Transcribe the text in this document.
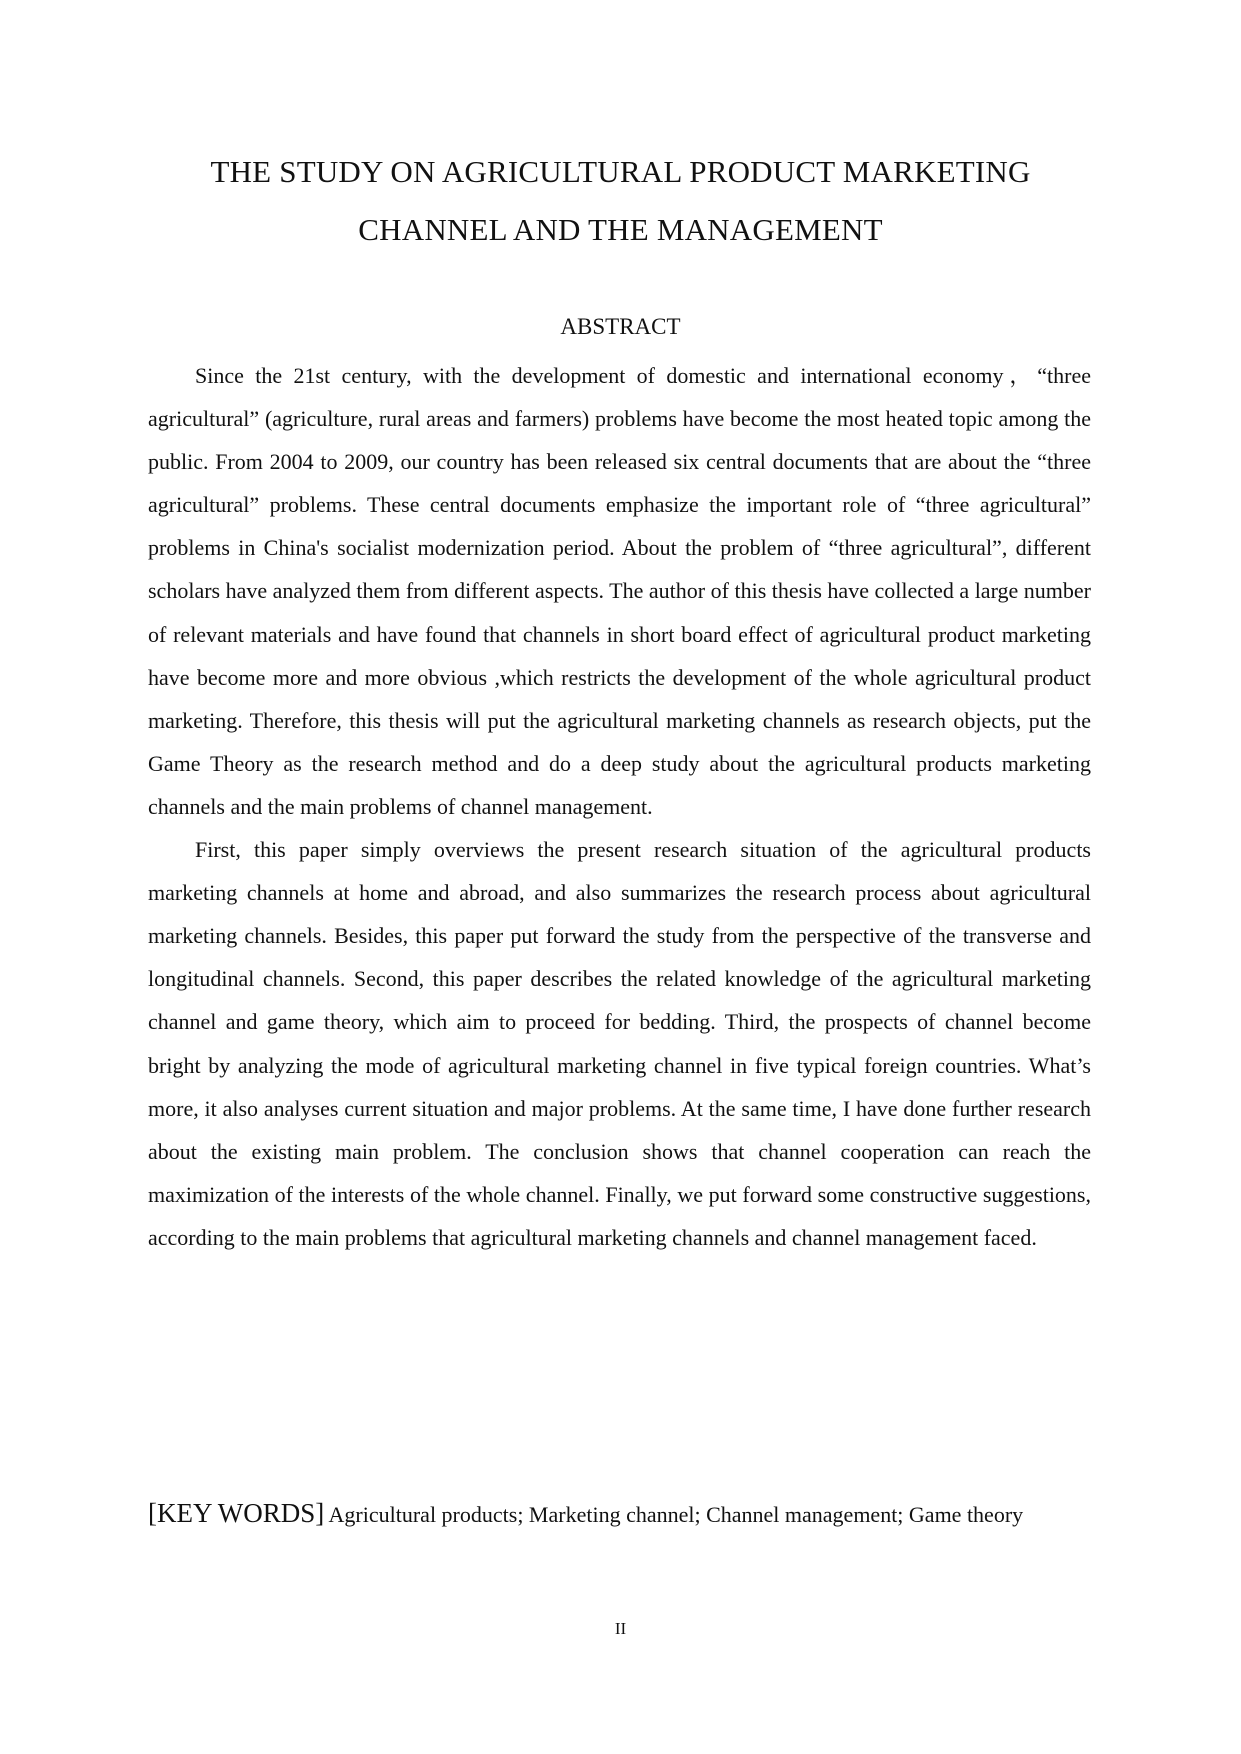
THE STUDY ON AGRICULTURAL PRODUCT MARKETING
CHANNEL AND THE MANAGEMENT
ABSTRACT

Since the 21st century, with the development of domestic and international economy，“three agricultural” (agriculture, rural areas and farmers) problems have become the most heated topic among the public. From 2004 to 2009, our country has been released six central documents that are about the “three agricultural” problems. These central documents emphasize the important role of “three agricultural” problems in China's socialist modernization period. About the problem of “three agricultural”, different scholars have analyzed them from different aspects. The author of this thesis have collected a large number of relevant materials and have found that channels in short board effect of agricultural product marketing have become more and more obvious ,which restricts the development of the whole agricultural product marketing. Therefore, this thesis will put the agricultural marketing channels as research objects, put the Game Theory as the research method and do a deep study about the agricultural products marketing channels and the main problems of channel management.

First, this paper simply overviews the present research situation of the agricultural products marketing channels at home and abroad, and also summarizes the research process about agricultural marketing channels. Besides, this paper put forward the study from the perspective of the transverse and longitudinal channels. Second, this paper describes the related knowledge of the agricultural marketing channel and game theory, which aim to proceed for bedding. Third, the prospects of channel become bright by analyzing the mode of agricultural marketing channel in five typical foreign countries. What’s more, it also analyses current situation and major problems. At the same time, I have done further research about the existing main problem. The conclusion shows that channel cooperation can reach the maximization of the interests of the whole channel. Finally, we put forward some constructive suggestions, according to the main problems that agricultural marketing channels and channel management faced.

[KEY WORDS] Agricultural products; Marketing channel; Channel management; Game theory

II
